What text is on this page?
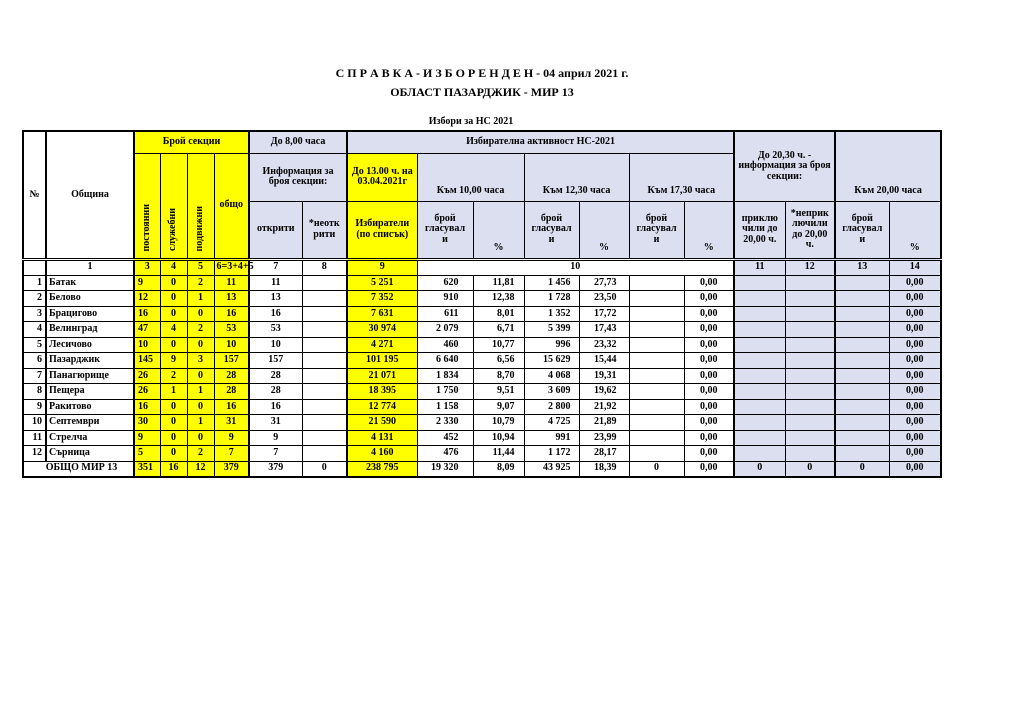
С П Р А В К А - И З Б О Р Е Н Д Е Н - 04 април 2021 г.
ОБЛАСТ ПАЗАРДЖИК - МИР 13
Избори за НС 2021
№	Община	Брой секции				До 8,00 часа		Избирателна активност НС-2021							До 20,30 ч. - информация за броя секции:		Към 20,00 часа	
		постоянни	служебни	подвижни	общо	Информация за броя секции:		До 13.00 ч. на 03.04.2021г	Към 10,00 часа		Към 12,30 часа		Към 17,30 часа					
						открити	*неоткрити	Избиратели (по списък)	брой гласували	%	брой гласували	%	брой гласували	%	приключили до 20,00 ч.	*неприключили до 20,00 ч.	брой гласували	%
	1	3	4	5	6=3+4+5	7	8	9	10						11	12	13	14
1	Батак	9	0	2	11	11		5 251	620	11,81	1 456	27,73		0,00				0,00
2	Белово	12	0	1	13	13		7 352	910	12,38	1 728	23,50		0,00				0,00
3	Брацигово	16	0	0	16	16		7 631	611	8,01	1 352	17,72		0,00				0,00
4	Велинград	47	4	2	53	53		30 974	2 079	6,71	5 399	17,43		0,00				0,00
5	Лесичово	10	0	0	10	10		4 271	460	10,77	996	23,32		0,00				0,00
6	Пазарджик	145	9	3	157	157		101 195	6 640	6,56	15 629	15,44		0,00				0,00
7	Панагюрище	26	2	0	28	28		21 071	1 834	8,70	4 068	19,31		0,00				0,00
8	Пещера	26	1	1	28	28		18 395	1 750	9,51	3 609	19,62		0,00				0,00
9	Ракитово	16	0	0	16	16		12 774	1 158	9,07	2 800	21,92		0,00				0,00
10	Септември	30	0	1	31	31		21 590	2 330	10,79	4 725	21,89		0,00				0,00
11	Стрелча	9	0	0	9	9		4 131	452	10,94	991	23,99		0,00				0,00
12	Сърница	5	0	2	7	7		4 160	476	11,44	1 172	28,17		0,00				0,00
ОБЩО МИР 13		351	16	12	379	379	0	238 795	19 320	8,09	43 925	18,39	0	0,00	0	0	0	0,00
